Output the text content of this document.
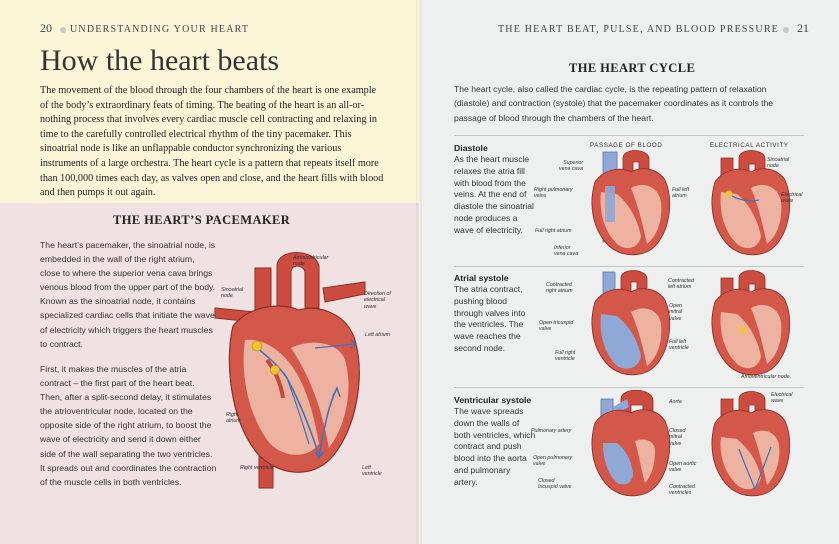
20 UNDERSTANDING YOUR HEART
How the heart beats

The movement of the blood through the four chambers of the heart is one example of the body’s extraordinary feats of timing. The beating of the heart is an all-or-nothing process that involves every cardiac muscle cell contracting and relaxing in time to the carefully controlled electrical rhythm of the tiny pacemaker. This sinoatrial node is like an unflappable conductor synchronizing the various instruments of a large orchestra. The heart cycle is a pattern that repeats itself more than 100,000 times each day, as valves open and close, and the heart fills with blood and then pumps it out again.

THE HEART’S PACEMAKER

The heart’s pacemaker, the sinoatrial node, is embedded in the wall of the right atrium, close to where the superior vena cava brings venous blood from the upper part of the body. Known as the sinoatrial node, it contains specialized cardiac cells that initiate the wave of electricity which triggers the heart muscles to contract.

First, it makes the muscles of the atria contract – the first part of the heart beat. Then, after a split-second delay, it stimulates the atrioventricular node, located on the opposite side of the right atrium, to boost the wave of electricity and send it down either side of the wall separating the two ventricles. It spreads out and coordinates the contraction of the muscle cells in both ventricles.

Atrioventricular
node
Sinoatrial
node	Direction of
electrical
wave
Left atrium
Right
atrium
Right ventricle	Left
ventricle
THE HEART BEAT, PULSE, AND BLOOD PRESSURE 21
THE HEART CYCLE

The heart cycle, also called the cardiac cycle, is the repeating pattern of relaxation (diastole) and contraction (systole) that the pacemaker coordinates as it controls the passage of blood through the chambers of the heart.

PASSAGE OF BLOOD	ELECTRICAL ACTIVITY
Diastole

As the heart muscle relaxes the atria fill with blood from the veins. At the end of diastole the sinoatrial node produces a wave of electricity.

Atrial systole

The atria contract, pushing blood through valves into the ventricles. The wave reaches the second node.

Ventricular systole

The wave spreads down the walls of both ventricles, which contract and push blood into the aorta and pulmonary artery.

Superior
vena cava
Right pulmonary
veins
Full right atrium
Inferior
vena cava
Full left
atrium
Sinoatrial
node
Electrical
wave
Contracted
right atrium
Open tricuspid
valve
Full right
ventricle
Contracted
left atrium
Open
mitral
valve
Full left
ventricle
Atrioventricular node
Pulmonary artery
Open pulmonary
valve
Closed
tricuspid valve
Aorta
Closed
mitral
valve
Open aortic
valve
Contracted
ventricles
Electrical
wave
